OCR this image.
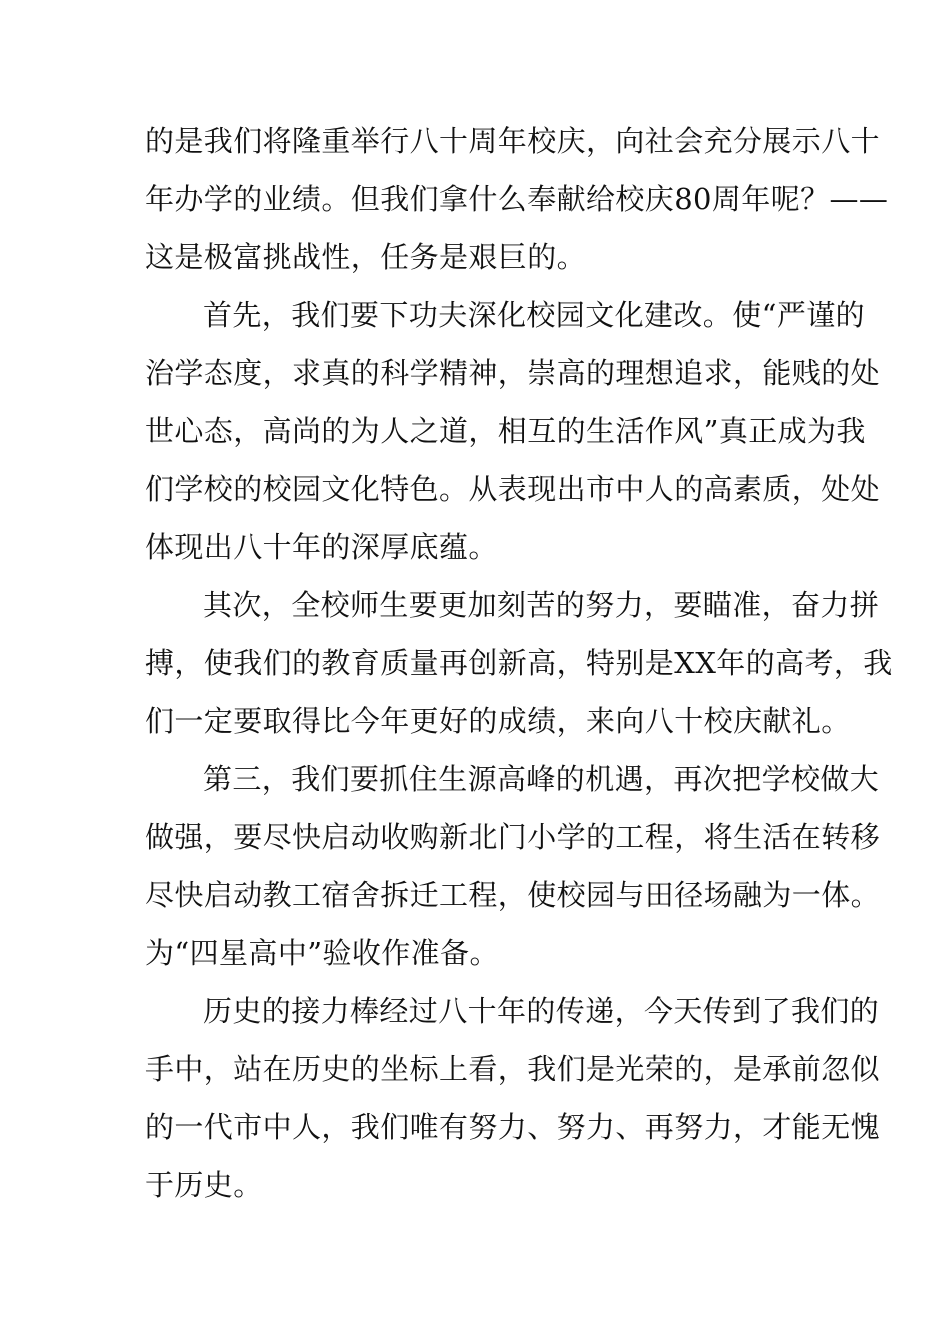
的是我们将隆重举行八十周年校庆，向社会充分展示八十
年办学的业绩。但我们拿什么奉献给校庆80周年呢？——
这是极富挑战性，任务是艰巨的。
首先，我们要下功夫深化校园文化建改。使“严谨的
治学态度，求真的科学精神，崇高的理想追求，能贱的处
世心态，高尚的为人之道，相互的生活作风”真正成为我
们学校的校园文化特色。从表现出市中人的高素质，处处
体现出八十年的深厚底蕴。
其次，全校师生要更加刻苦的努力，要瞄准，奋力拼
搏，使我们的教育质量再创新高，特别是XX年的高考，我
们一定要取得比今年更好的成绩，来向八十校庆献礼。
第三，我们要抓住生源高峰的机遇，再次把学校做大
做强，要尽快启动收购新北门小学的工程，将生活在转移
尽快启动教工宿舍拆迁工程，使校园与田径场融为一体。
为“四星高中”验收作准备。
历史的接力棒经过八十年的传递，今天传到了我们的
手中，站在历史的坐标上看，我们是光荣的，是承前忽似
的一代市中人，我们唯有努力、努力、再努力，才能无愧
于历史。
